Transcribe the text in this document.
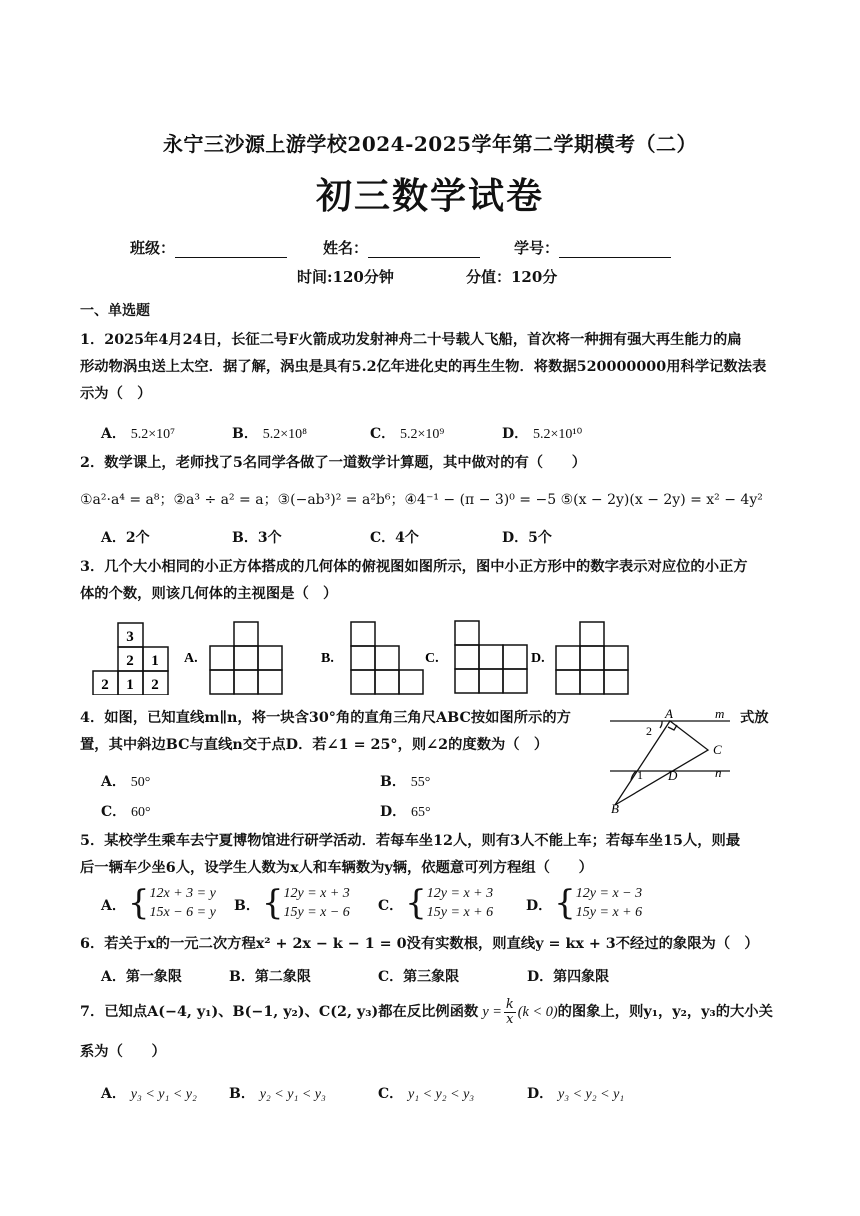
永宁三沙源上游学校2024-2025学年第二学期模考（二）
初三数学试卷
班级：	姓名：	学号：
时间:120分钟	分值：120分
一、单选题
1．2025年4月24日，长征二号F火箭成功发射神舟二十号载人飞船，首次将一种拥有强大再生能力的扁
形动物涡虫送上太空．据了解，涡虫是具有5.2亿年进化史的再生生物．将数据520000000用科学记数法表
示为（　）
A． 5.2×10⁷	B． 5.2×10⁸	C． 5.2×10⁹	D． 5.2×10¹⁰
2．数学课上，老师找了5名同学各做了一道数学计算题，其中做对的有（　　）
①a²·a⁴ = a⁸；②a³ ÷ a² = a；③(−ab³)² = a²b⁶；④4⁻¹ − (π − 3)⁰ = −5 ⑤(x − 2y)(x − 2y) = x² − 4y²
A．2个	B．3个	C．4个	D．5个
3．几个大小相同的小正方体搭成的几何体的俯视图如图所示，图中小正方形中的数字表示对应位的小正方
体的个数，则该几何体的主视图是（　）
3
2 1
2 1 2
A.	B.	C.	D.
4．如图，已知直线m∥n，将一块含30°角的直角三角尺ABC按如图所示的方
置，其中斜边BC与直线n交于点D．若∠1 = 25°，则∠2的度数为（　）
式放
A． 50°	B． 55°
C． 60°	D． 65°
A
C
D
B
m
n
1
2
5．某校学生乘车去宁夏博物馆进行研学活动．若每车坐12人，则有3人不能上车；若每车坐15人，则最
后一辆车少坐6人，设学生人数为x人和车辆数为y辆，依题意可列方程组（　　）
A． { 12x + 3 = y
15x − 6 = y B． { 12y = x + 3
15y = x − 6 C． { 12y = x + 3
15y = x + 6 D． { 12y = x − 3
15y = x + 6
6．若关于x的一元二次方程x² + 2x − k − 1 = 0没有实数根，则直线y = kx + 3不经过的象限为（　）
A．第一象限	B．第二象限	C．第三象限	D．第四象限
7．已知点A(−4, y₁)、B(−1, y₂)、C(2, y₃)都在反比例函数 $y = \frac{k}{x} (k < 0)$ 的图象上，则y₁，y₂，y₃的大小关
系为（　　）
A． y₃ < y₁ < y₂ B． y₂ < y₁ < y₃	C． y₁ < y₂ < y₃	D． y₃ < y₂ < y₁
